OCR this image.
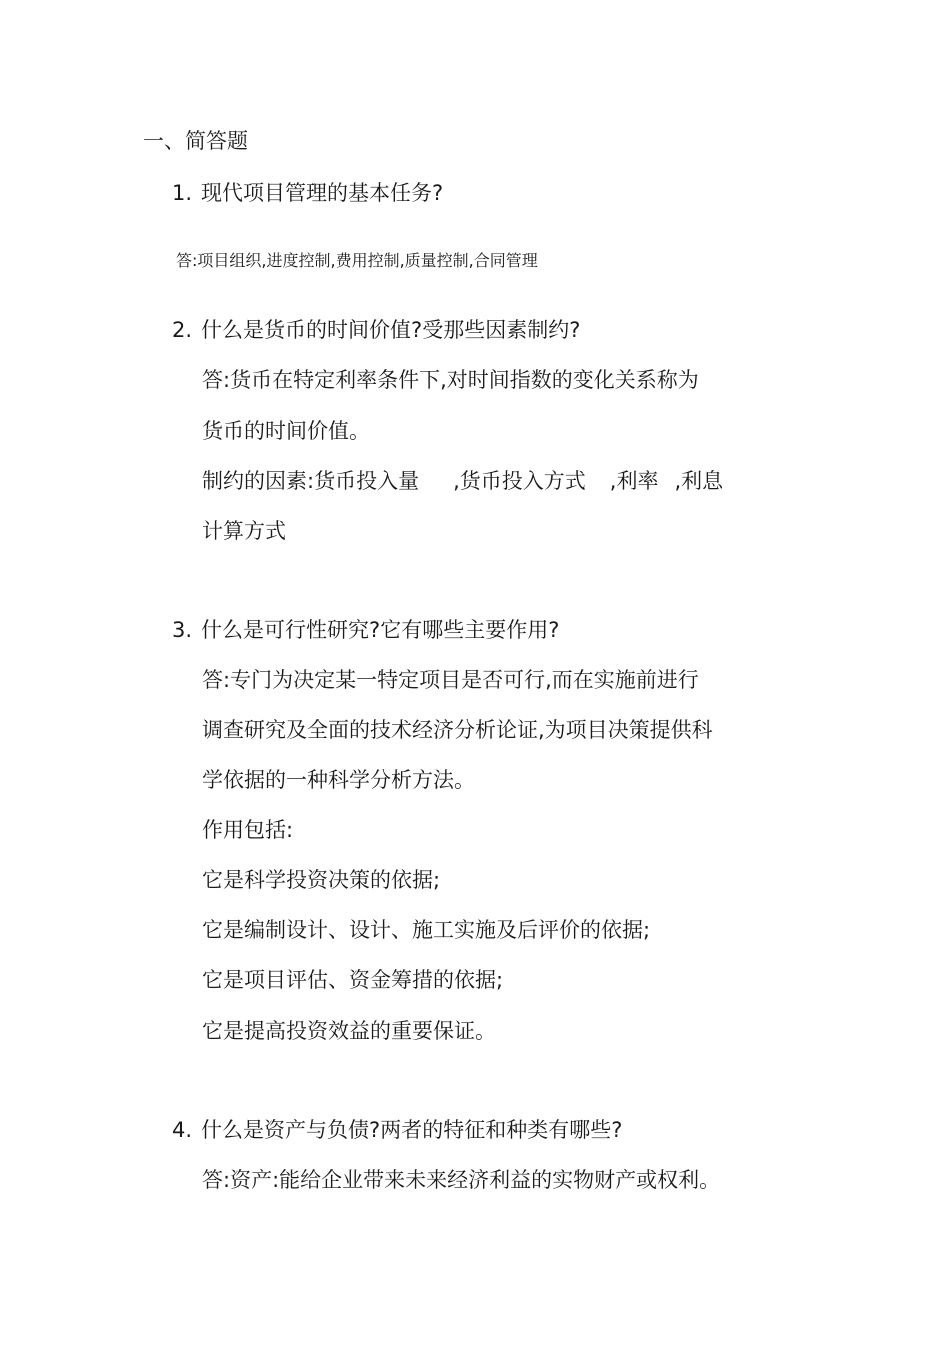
一、简答题
1. 现代项目管理的基本任务?
答:项目组织,进度控制,费用控制,质量控制,合同管理
2. 什么是货币的时间价值?受那些因素制约?
答:货币在特定利率条件下,对时间指数的变化关系称为
货币的时间价值。
制约的因素:货币投入量 ,货币投入方式 ,利率 ,利息
计算方式
3. 什么是可行性研究?它有哪些主要作用?
答:专门为决定某一特定项目是否可行,而在实施前进行
调查研究及全面的技术经济分析论证,为项目决策提供科
学依据的一种科学分析方法。
作用包括:
它是科学投资决策的依据;
它是编制设计、设计、施工实施及后评价的依据;
它是项目评估、资金筹措的依据;
它是提高投资效益的重要保证。
4. 什么是资产与负债?两者的特征和种类有哪些?
答:资产:能给企业带来未来经济利益的实物财产或权利。
